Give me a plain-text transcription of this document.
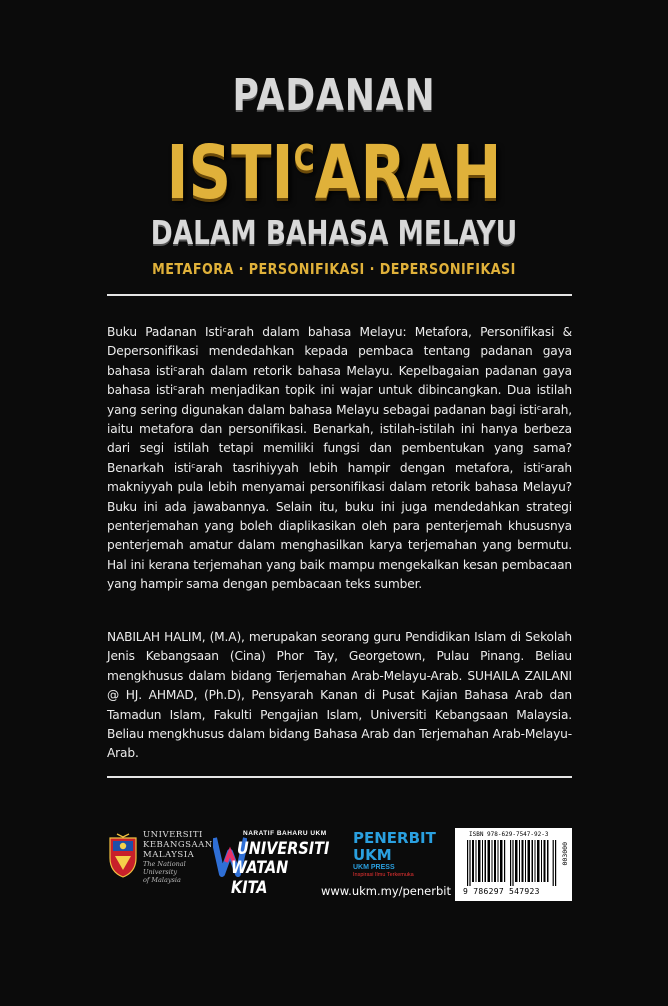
PADANAN
$ISTI^CARAH$
DALAM BAHASA MELAYU
METAFORA · PERSONIFIKASI · DEPERSONIFIKASI

Buku Padanan Istiᶜarah dalam bahasa Melayu: Metafora, Personifikasi & Depersonifikasi mendedahkan kepada pembaca tentang padanan gaya bahasa istiᶜarah dalam retorik bahasa Melayu. Kepelbagaian padanan gaya bahasa istiᶜarah menjadikan topik ini wajar untuk dibincangkan. Dua istilah yang sering digunakan dalam bahasa Melayu sebagai padanan bagi istiᶜarah, iaitu metafora dan personifikasi. Benarkah, istilah-istilah ini hanya berbeza dari segi istilah tetapi memiliki fungsi dan pembentukan yang sama? Benarkah istiᶜarah tasrihiyyah lebih hampir dengan metafora, istiᶜarah makniyyah pula lebih menyamai personifikasi dalam retorik bahasa Melayu? Buku ini ada jawabannya. Selain itu, buku ini juga mendedahkan strategi penterjemahan yang boleh diaplikasikan oleh para penterjemah khususnya penterjemah amatur dalam menghasilkan karya terjemahan yang bermutu. Hal ini kerana terjemahan yang baik mampu mengekalkan kesan pembacaan yang hampir sama dengan pembacaan teks sumber.

NABILAH HALIM, (M.A), merupakan seorang guru Pendidikan Islam di Sekolah Jenis Kebangsaan (Cina) Phor Tay, Georgetown, Pulau Pinang. Beliau mengkhusus dalam bidang Terjemahan Arab-Melayu-Arab. SUHAILA ZAILANI @ HJ. AHMAD, (Ph.D), Pensyarah Kanan di Pusat Kajian Bahasa Arab dan Tamadun Islam, Fakulti Pengajian Islam, Universiti Kebangsaan Malaysia. Beliau mengkhusus dalam bidang Bahasa Arab dan Terjemahan Arab-Melayu-Arab.

UNIVERSITI
KEBANGSAAN
MALAYSIA
The National University
of Malaysia
NARATIF BAHARU UKM
UNIVERSITI
WATAN KITA
PENERBIT
UKM
UKM PRESS
Inspirasi Ilmu Terkemuka
www.ukm.my/penerbit
ISBN 978-629-7547-92-3
9 786297 547923
003000
